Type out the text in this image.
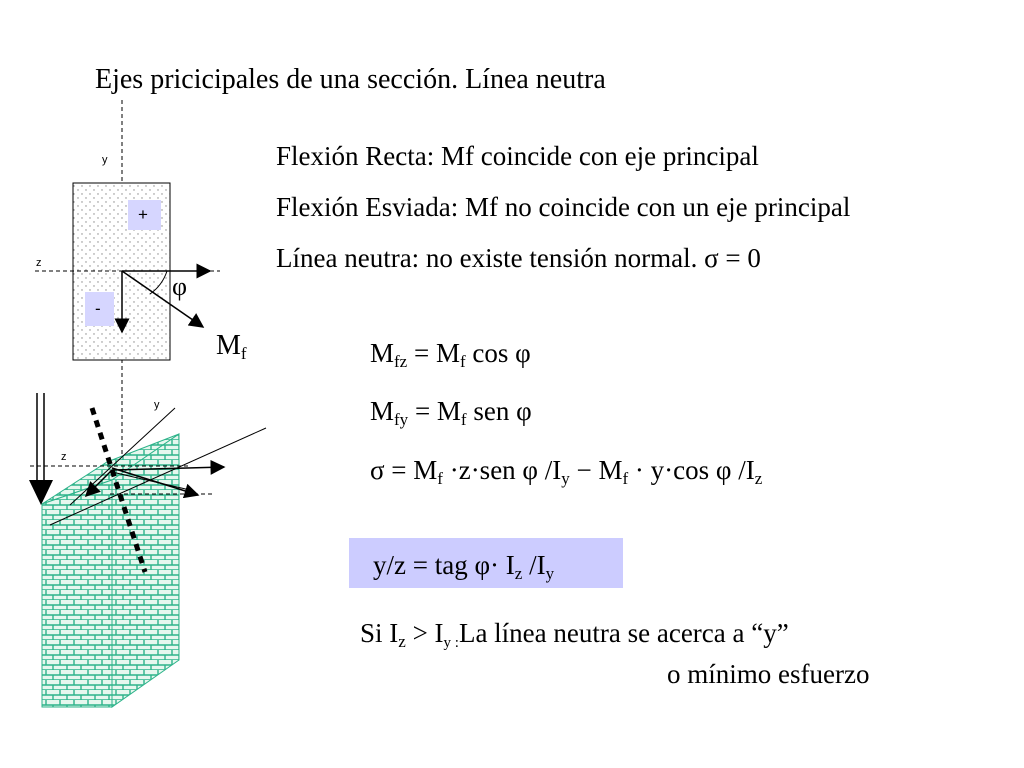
y
z
+
-
φ
$M_f$
y
z
Ejes pricicipales de una sección. Línea neutra
Flexión Recta: Mf coincide con eje principal
Flexión Esviada: Mf no coincide con un eje principal
Línea neutra: no existe tensión normal. σ = 0
$M_{fz} = M_f$ cos φ
$M_{fy} = M_f$ sen φ
$\sigma = M_f \cdot z\cdot sen$ φ $/I_y - M_f \cdot y\cdot\cos$ φ $/I_z$
y/z = tag $\varphi\cdot I_z$ $/I_y$
Si $I_z > I_{y :}La$ línea neutra se acerca a “y”
o mínimo esfuerzo
